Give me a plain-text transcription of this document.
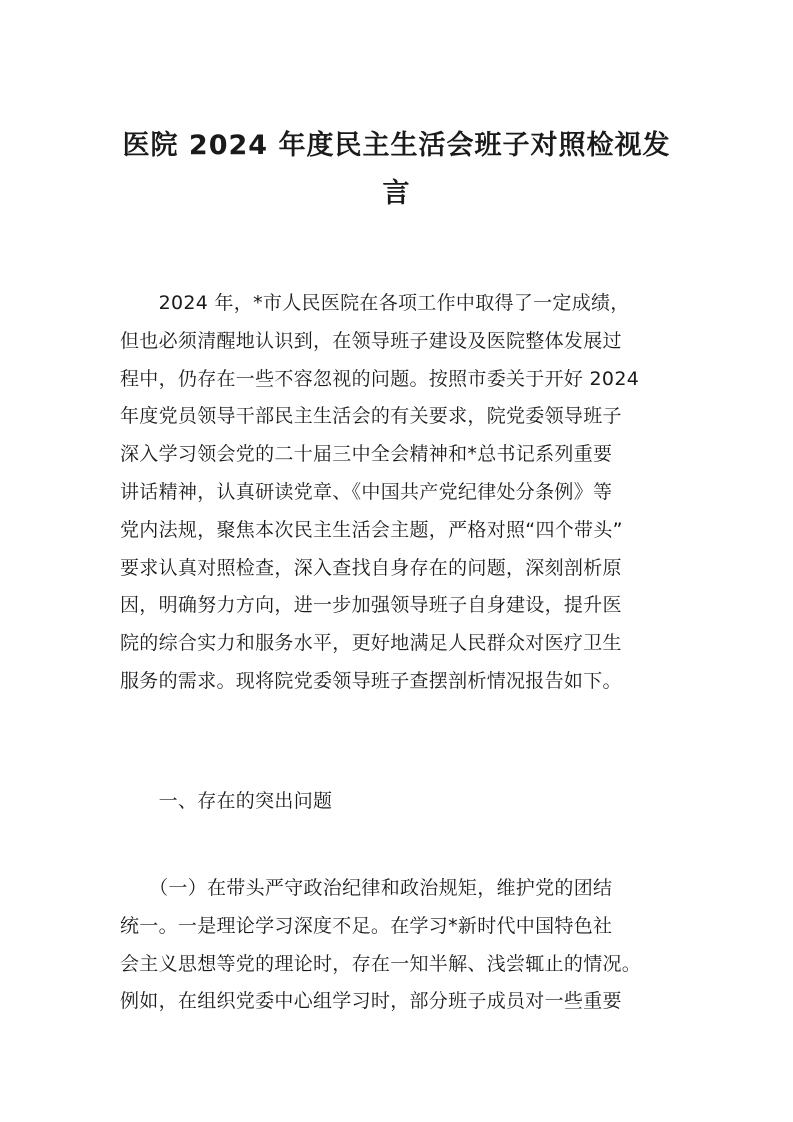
医院 2024 年度民主生活会班子对照检视发
言

　　2024 年，*市人民医院在各项工作中取得了一定成绩，
但也必须清醒地认识到，在领导班子建设及医院整体发展过
程中，仍存在一些不容忽视的问题。按照市委关于开好 2024
年度党员领导干部民主生活会的有关要求，院党委领导班子
深入学习领会党的二十届三中全会精神和*总书记系列重要
讲话精神，认真研读党章、《中国共产党纪律处分条例》等
党内法规，聚焦本次民主生活会主题，严格对照“四个带头”
要求认真对照检查，深入查找自身存在的问题，深刻剖析原
因，明确努力方向，进一步加强领导班子自身建设，提升医
院的综合实力和服务水平，更好地满足人民群众对医疗卫生
服务的需求。现将院党委领导班子查摆剖析情况报告如下。

　　一、存在的突出问题

　　（一）在带头严守政治纪律和政治规矩，维护党的团结
统一。一是理论学习深度不足。在学习*新时代中国特色社
会主义思想等党的理论时，存在一知半解、浅尝辄止的情况。
例如，在组织党委中心组学习时，部分班子成员对一些重要
